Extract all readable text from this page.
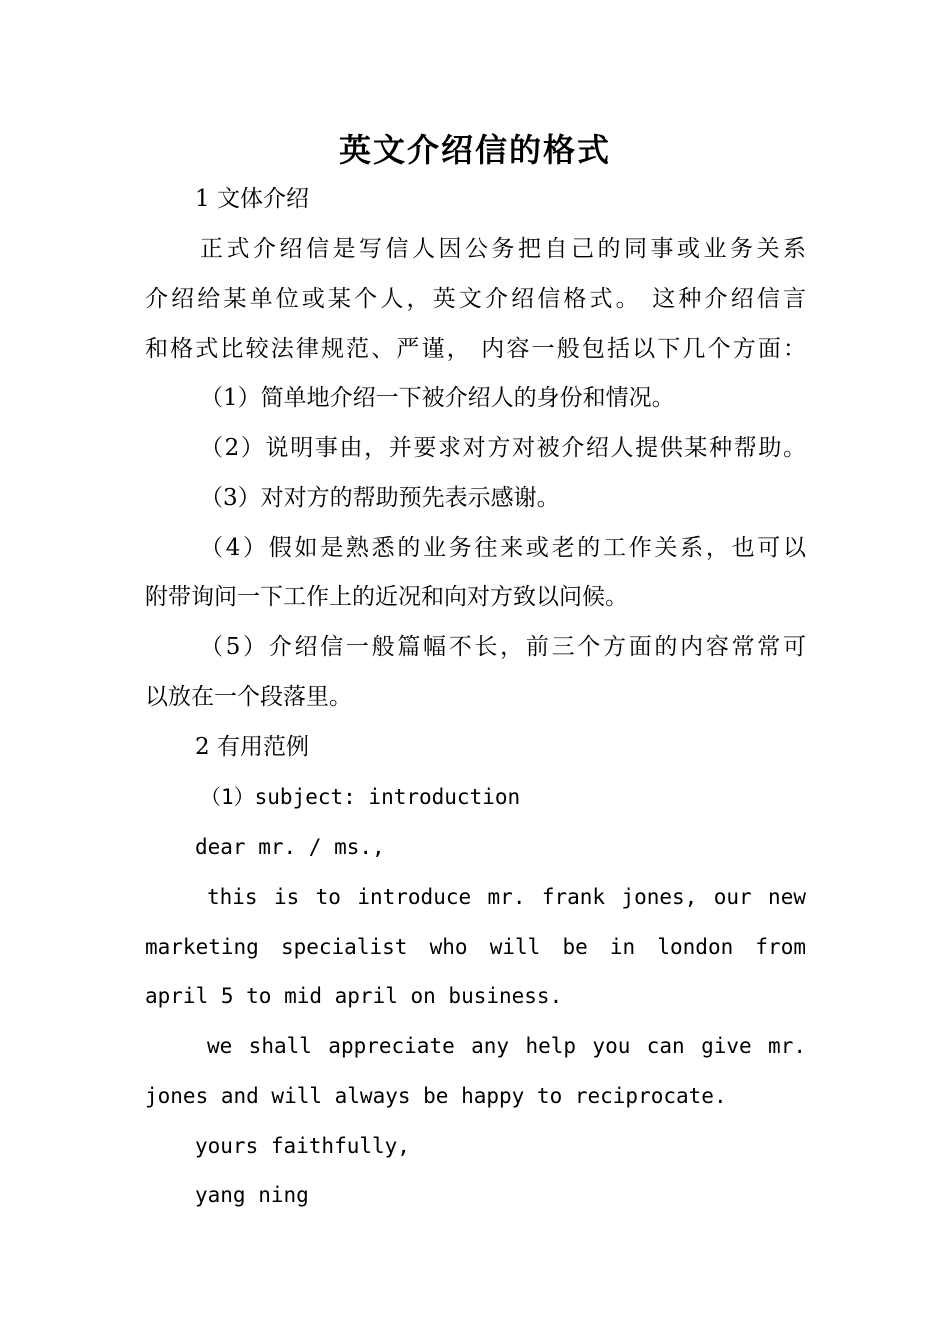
英文介绍信的格式
1 文体介绍
正式介绍信是写信人因公务把自己的同事或业务关系
介绍给某单位或某个人，英文介绍信格式。 这种介绍信言
和格式比较法律规范、严谨， 内容一般包括以下几个方面：
（1）简单地介绍一下被介绍人的身份和情况。
（2）说明事由，并要求对方对被介绍人提供某种帮助。
（3）对对方的帮助预先表示感谢。
（4）假如是熟悉的业务往来或老的工作关系，也可以
附带询问一下工作上的近况和向对方致以问候。
（5）介绍信一般篇幅不长，前三个方面的内容常常可
以放在一个段落里。
2 有用范例
（1）subject: introduction
dear mr. / ms.,
this is to introduce mr. frank jones, our new
marketing specialist who will be in london from
april 5 to mid april on business.
we shall appreciate any help you can give mr.
jones and will always be happy to reciprocate.
yours faithfully,
yang ning
